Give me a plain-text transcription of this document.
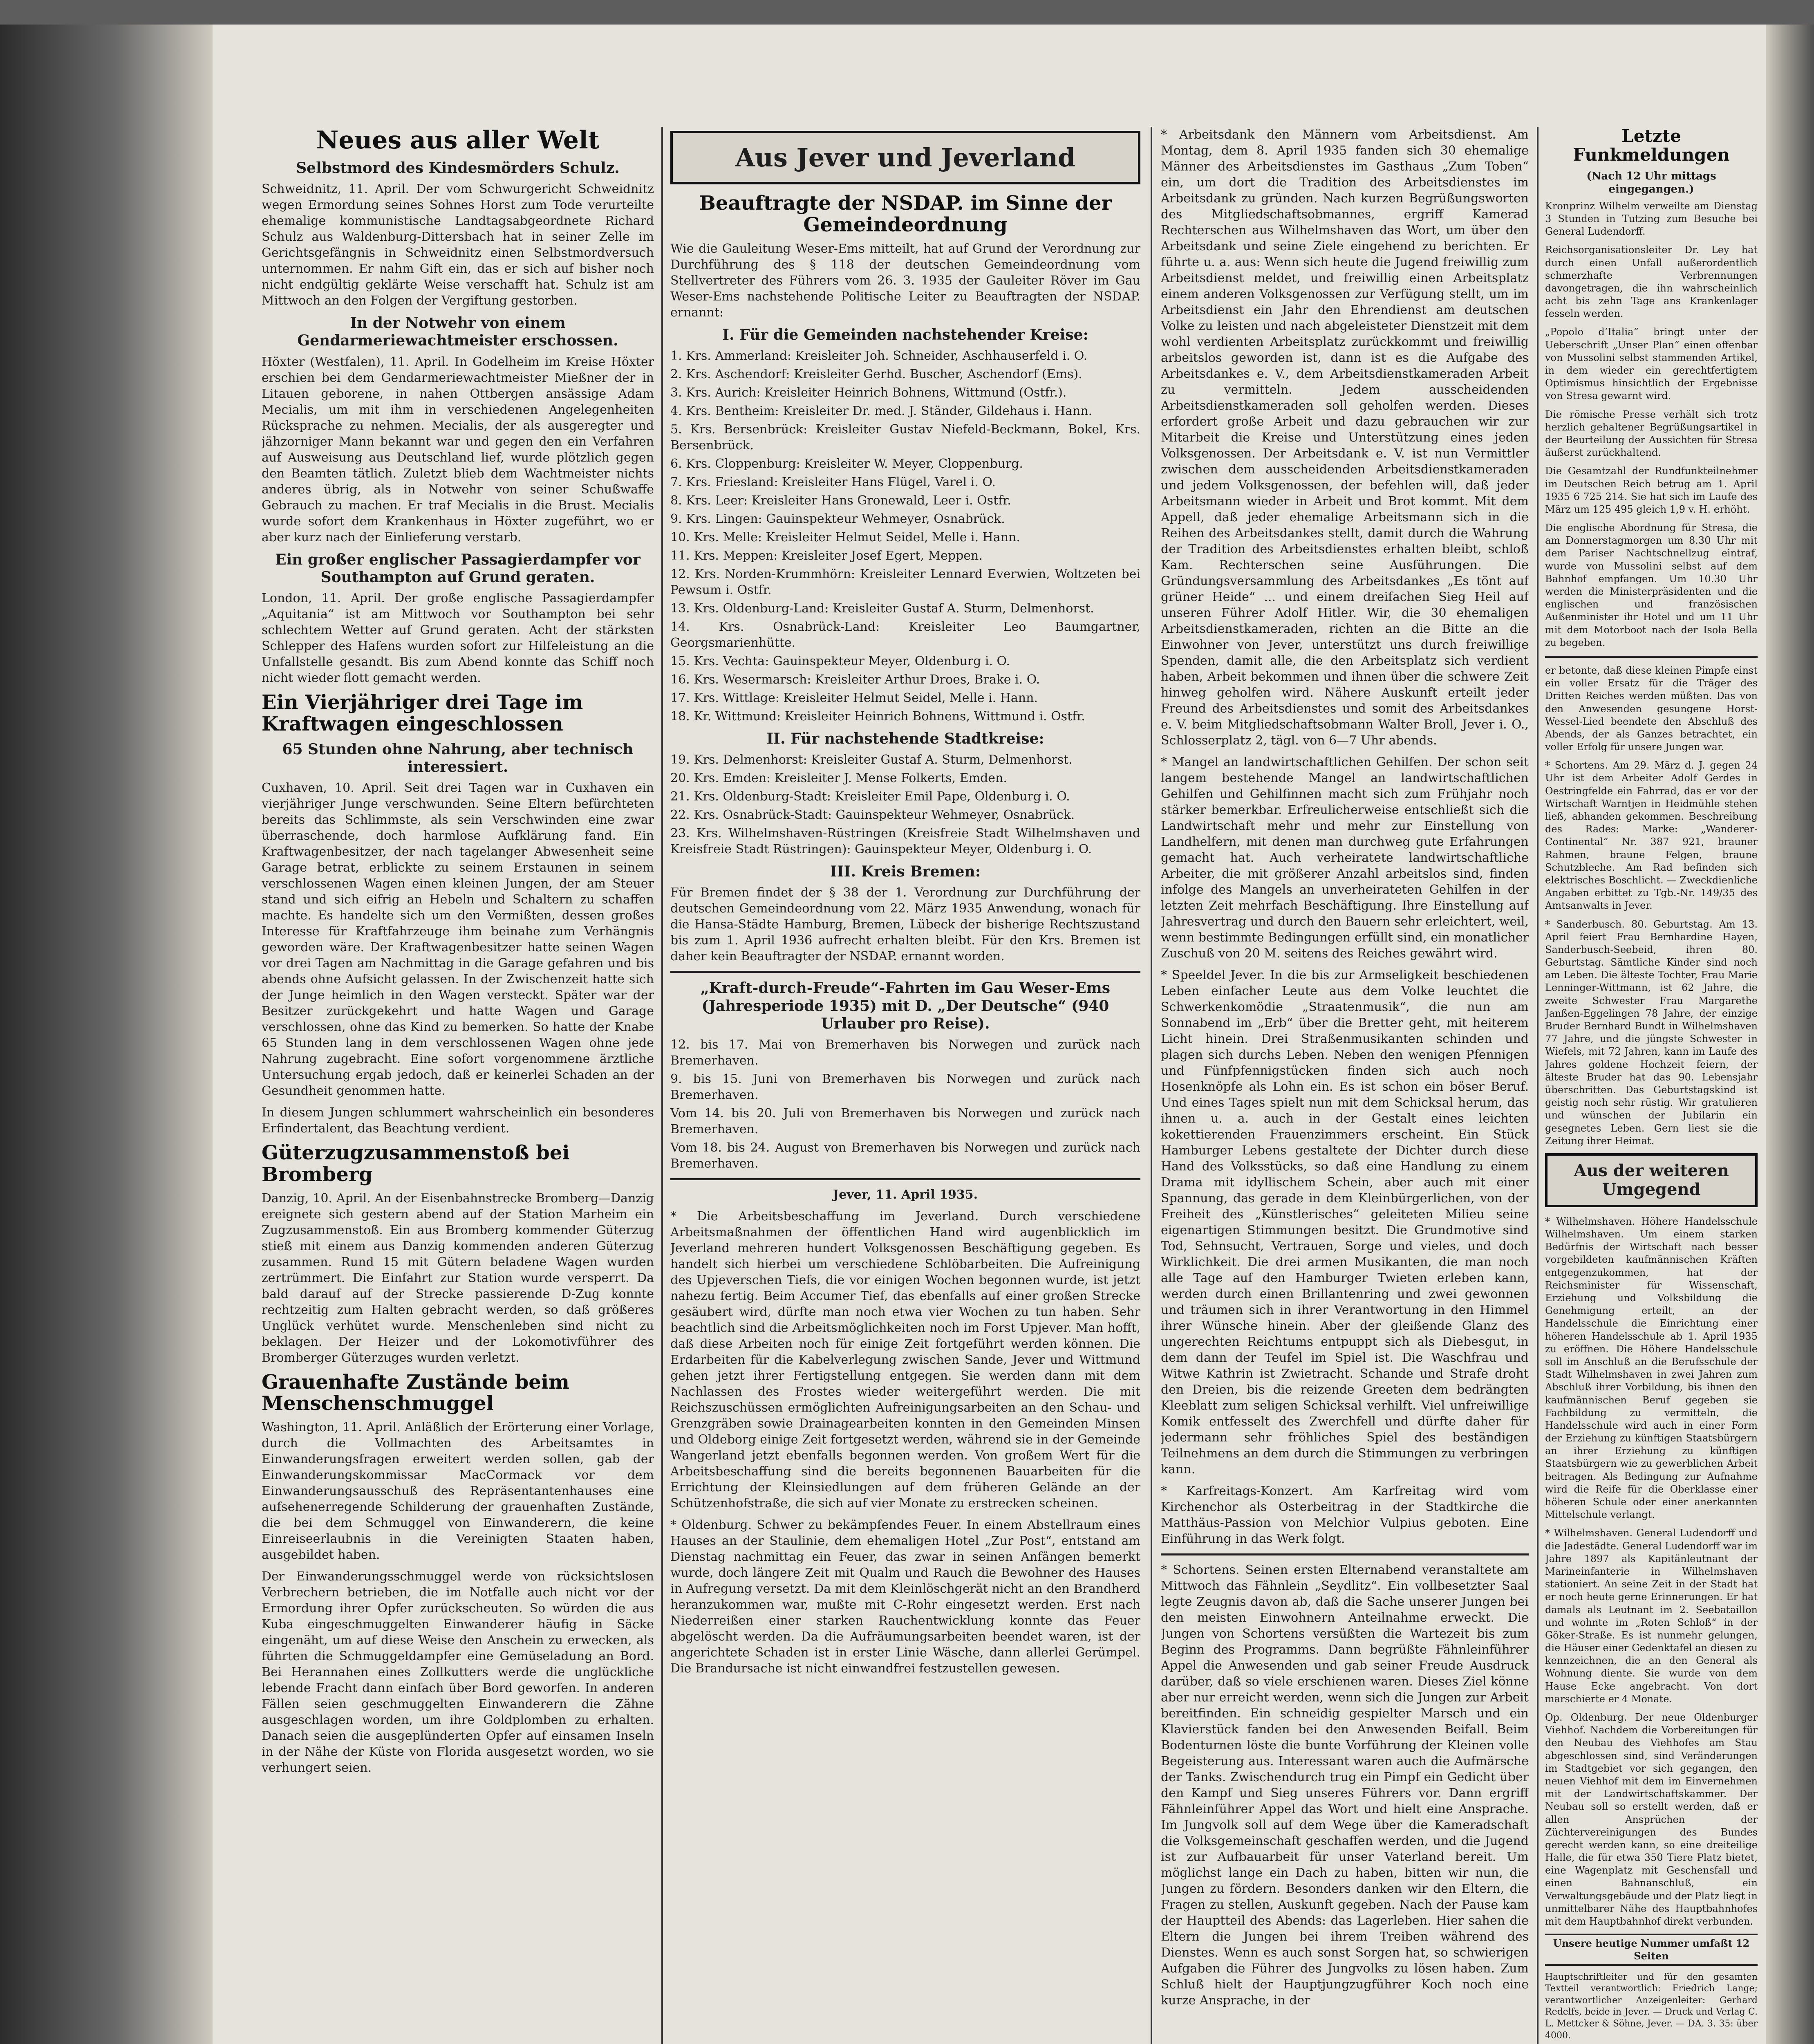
Neues aus aller Welt
Selbstmord des Kindesmörders Schulz.

Schweidnitz, 11. April. Der vom Schwurgericht Schweidnitz wegen Ermordung seines Sohnes Horst zum Tode verurteilte ehemalige kommunistische Landtagsabgeordnete Richard Schulz aus Waldenburg-Dittersbach hat in seiner Zelle im Gerichtsgefängnis in Schweidnitz einen Selbstmordversuch unternommen. Er nahm Gift ein, das er sich auf bisher noch nicht endgültig geklärte Weise verschafft hat. Schulz ist am Mittwoch an den Folgen der Vergiftung gestorben.

In der Notwehr von einem Gendarmeriewachtmeister erschossen.

Höxter (Westfalen), 11. April. In Godelheim im Kreise Höxter erschien bei dem Gendarmeriewachtmeister Mießner der in Litauen geborene, in nahen Ottbergen ansässige Adam Mecialis, um mit ihm in verschiedenen Angelegenheiten Rücksprache zu nehmen. Mecialis, der als ausgeregter und jähzorniger Mann bekannt war und gegen den ein Verfahren auf Ausweisung aus Deutschland lief, wurde plötzlich gegen den Beamten tätlich. Zuletzt blieb dem Wachtmeister nichts anderes übrig, als in Notwehr von seiner Schußwaffe Gebrauch zu machen. Er traf Mecialis in die Brust. Mecialis wurde sofort dem Krankenhaus in Höxter zugeführt, wo er aber kurz nach der Einlieferung verstarb.

Ein großer englischer Passagierdampfer vor Southampton auf Grund geraten.

London, 11. April. Der große englische Passagierdampfer „Aquitania“ ist am Mittwoch vor Southampton bei sehr schlechtem Wetter auf Grund geraten. Acht der stärksten Schlepper des Hafens wurden sofort zur Hilfeleistung an die Unfallstelle gesandt. Bis zum Abend konnte das Schiff noch nicht wieder flott gemacht werden.

Ein Vierjähriger drei Tage im Kraftwagen eingeschlossen
65 Stunden ohne Nahrung, aber technisch interessiert.

Cuxhaven, 10. April. Seit drei Tagen war in Cuxhaven ein vierjähriger Junge verschwunden. Seine Eltern befürchteten bereits das Schlimmste, als sein Verschwinden eine zwar überraschende, doch harmlose Aufklärung fand. Ein Kraftwagenbesitzer, der nach tagelanger Abwesenheit seine Garage betrat, erblickte zu seinem Erstaunen in seinem verschlossenen Wagen einen kleinen Jungen, der am Steuer stand und sich eifrig an Hebeln und Schaltern zu schaffen machte. Es handelte sich um den Vermißten, dessen großes Interesse für Kraftfahrzeuge ihm beinahe zum Verhängnis geworden wäre. Der Kraftwagenbesitzer hatte seinen Wagen vor drei Tagen am Nachmittag in die Garage gefahren und bis abends ohne Aufsicht gelassen. In der Zwischenzeit hatte sich der Junge heimlich in den Wagen versteckt. Später war der Besitzer zurückgekehrt und hatte Wagen und Garage verschlossen, ohne das Kind zu bemerken. So hatte der Knabe 65 Stunden lang in dem verschlossenen Wagen ohne jede Nahrung zugebracht. Eine sofort vorgenommene ärztliche Untersuchung ergab jedoch, daß er keinerlei Schaden an der Gesundheit genommen hatte.

In diesem Jungen schlummert wahrscheinlich ein besonderes Erfindertalent, das Beachtung verdient.

Güterzugzusammenstoß bei Bromberg

Danzig, 10. April. An der Eisenbahnstrecke Bromberg—Danzig ereignete sich gestern abend auf der Station Marheim ein Zugzusammenstoß. Ein aus Bromberg kommender Güterzug stieß mit einem aus Danzig kommenden anderen Güterzug zusammen. Rund 15 mit Gütern beladene Wagen wurden zertrümmert. Die Einfahrt zur Station wurde versperrt. Da bald darauf auf der Strecke passierende D-Zug konnte rechtzeitig zum Halten gebracht werden, so daß größeres Unglück verhütet wurde. Menschenleben sind nicht zu beklagen. Der Heizer und der Lokomotivführer des Bromberger Güterzuges wurden verletzt.

Grauenhafte Zustände beim Menschenschmuggel

Washington, 11. April. Anläßlich der Erörterung einer Vorlage, durch die Vollmachten des Arbeitsamtes in Einwanderungsfragen erweitert werden sollen, gab der Einwanderungskommissar MacCormack vor dem Einwanderungsausschuß des Repräsentantenhauses eine aufsehenerregende Schilderung der grauenhaften Zustände, die bei dem Schmuggel von Einwanderern, die keine Einreiseerlaubnis in die Vereinigten Staaten haben, ausgebildet haben.

Der Einwanderungsschmuggel werde von rücksichtslosen Verbrechern betrieben, die im Notfalle auch nicht vor der Ermordung ihrer Opfer zurückscheuten. So würden die aus Kuba eingeschmuggelten Einwanderer häufig in Säcke eingenäht, um auf diese Weise den Anschein zu erwecken, als führten die Schmuggeldampfer eine Gemüseladung an Bord. Bei Herannahen eines Zollkutters werde die unglückliche lebende Fracht dann einfach über Bord geworfen. In anderen Fällen seien geschmuggelten Einwanderern die Zähne ausgeschlagen worden, um ihre Goldplomben zu erhalten. Danach seien die ausgeplünderten Opfer auf einsamen Inseln in der Nähe der Küste von Florida ausgesetzt worden, wo sie verhungert seien.

Aus Jever und Jeverland
Beauftragte der NSDAP. im Sinne der Gemeindeordnung

Wie die Gauleitung Weser-Ems mitteilt, hat auf Grund der Verordnung zur Durchführung des § 118 der deutschen Gemeindeordnung vom Stellvertreter des Führers vom 26. 3. 1935 der Gauleiter Röver im Gau Weser-Ems nachstehende Politische Leiter zu Beauftragten der NSDAP. ernannt:

I. Für die Gemeinden nachstehender Kreise:

1. Krs. Ammerland: Kreisleiter Joh. Schneider, Aschhauserfeld i. O.

2. Krs. Aschendorf: Kreisleiter Gerhd. Buscher, Aschendorf (Ems).

3. Krs. Aurich: Kreisleiter Heinrich Bohnens, Wittmund (Ostfr.).

4. Krs. Bentheim: Kreisleiter Dr. med. J. Ständer, Gildehaus i. Hann.

5. Krs. Bersenbrück: Kreisleiter Gustav Niefeld-Beckmann, Bokel, Krs. Bersenbrück.

6. Krs. Cloppenburg: Kreisleiter W. Meyer, Cloppenburg.

7. Krs. Friesland: Kreisleiter Hans Flügel, Varel i. O.

8. Krs. Leer: Kreisleiter Hans Gronewald, Leer i. Ostfr.

9. Krs. Lingen: Gauinspekteur Wehmeyer, Osnabrück.

10. Krs. Melle: Kreisleiter Helmut Seidel, Melle i. Hann.

11. Krs. Meppen: Kreisleiter Josef Egert, Meppen.

12. Krs. Norden-Krummhörn: Kreisleiter Lennard Everwien, Woltzeten bei Pewsum i. Ostfr.

13. Krs. Oldenburg-Land: Kreisleiter Gustaf A. Sturm, Delmenhorst.

14. Krs. Osnabrück-Land: Kreisleiter Leo Baumgartner, Georgsmarienhütte.

15. Krs. Vechta: Gauinspekteur Meyer, Oldenburg i. O.

16. Krs. Wesermarsch: Kreisleiter Arthur Droes, Brake i. O.

17. Krs. Wittlage: Kreisleiter Helmut Seidel, Melle i. Hann.

18. Kr. Wittmund: Kreisleiter Heinrich Bohnens, Wittmund i. Ostfr.

II. Für nachstehende Stadtkreise:

19. Krs. Delmenhorst: Kreisleiter Gustaf A. Sturm, Delmenhorst.

20. Krs. Emden: Kreisleiter J. Mense Folkerts, Emden.

21. Krs. Oldenburg-Stadt: Kreisleiter Emil Pape, Oldenburg i. O.

22. Krs. Osnabrück-Stadt: Gauinspekteur Wehmeyer, Osnabrück.

23. Krs. Wilhelmshaven-Rüstringen (Kreisfreie Stadt Wilhelmshaven und Kreisfreie Stadt Rüstringen): Gauinspekteur Meyer, Oldenburg i. O.

III. Kreis Bremen:

Für Bremen findet der § 38 der 1. Verordnung zur Durchführung der deutschen Gemeindeordnung vom 22. März 1935 Anwendung, wonach für die Hansa-Städte Hamburg, Bremen, Lübeck der bisherige Rechtszustand bis zum 1. April 1936 aufrecht erhalten bleibt. Für den Krs. Bremen ist daher kein Beauftragter der NSDAP. ernannt worden.

„Kraft-durch-Freude“-Fahrten im Gau Weser-Ems (Jahresperiode 1935) mit D. „Der Deutsche“ (940 Urlauber pro Reise).

12. bis 17. Mai von Bremerhaven bis Norwegen und zurück nach Bremerhaven.

9. bis 15. Juni von Bremerhaven bis Norwegen und zurück nach Bremerhaven.

Vom 14. bis 20. Juli von Bremerhaven bis Norwegen und zurück nach Bremerhaven.

Vom 18. bis 24. August von Bremerhaven bis Norwegen und zurück nach Bremerhaven.

Jever, 11. April 1935.

* Die Arbeitsbeschaffung im Jeverland. Durch verschiedene Arbeitsmaßnahmen der öffentlichen Hand wird augenblicklich im Jeverland mehreren hundert Volksgenossen Beschäftigung gegeben. Es handelt sich hierbei um verschiedene Schlöbarbeiten. Die Aufreinigung des Upjeverschen Tiefs, die vor einigen Wochen begonnen wurde, ist jetzt nahezu fertig. Beim Accumer Tief, das ebenfalls auf einer großen Strecke gesäubert wird, dürfte man noch etwa vier Wochen zu tun haben. Sehr beachtlich sind die Arbeitsmöglichkeiten noch im Forst Upjever. Man hofft, daß diese Arbeiten noch für einige Zeit fortgeführt werden können. Die Erdarbeiten für die Kabelverlegung zwischen Sande, Jever und Wittmund gehen jetzt ihrer Fertigstellung entgegen. Sie werden dann mit dem Nachlassen des Frostes wieder weitergeführt werden. Die mit Reichszuschüssen ermöglichten Aufreinigungsarbeiten an den Schau- und Grenzgräben sowie Drainagearbeiten konnten in den Gemeinden Minsen und Oldeborg einige Zeit fortgesetzt werden, während sie in der Gemeinde Wangerland jetzt ebenfalls begonnen werden. Von großem Wert für die Arbeitsbeschaffung sind die bereits begonnenen Bauarbeiten für die Errichtung der Kleinsiedlungen auf dem früheren Gelände an der Schützenhofstraße, die sich auf vier Monate zu erstrecken scheinen.

* Oldenburg. Schwer zu bekämpfendes Feuer. In einem Abstellraum eines Hauses an der Staulinie, dem ehemaligen Hotel „Zur Post“, entstand am Dienstag nachmittag ein Feuer, das zwar in seinen Anfängen bemerkt wurde, doch längere Zeit mit Qualm und Rauch die Bewohner des Hauses in Aufregung versetzt. Da mit dem Kleinlöschgerät nicht an den Brandherd heranzukommen war, mußte mit C-Rohr eingesetzt werden. Erst nach Niederreißen einer starken Rauchentwicklung konnte das Feuer abgelöscht werden. Da die Aufräumungsarbeiten beendet waren, ist der angerichtete Schaden ist in erster Linie Wäsche, dann allerlei Gerümpel. Die Brandursache ist nicht einwandfrei festzustellen gewesen.

* Arbeitsdank den Männern vom Arbeitsdienst. Am Montag, dem 8. April 1935 fanden sich 30 ehemalige Männer des Arbeitsdienstes im Gasthaus „Zum Toben“ ein, um dort die Tradition des Arbeitsdienstes im Arbeitsdank zu gründen. Nach kurzen Begrüßungsworten des Mitgliedschaftsobmannes, ergriff Kamerad Rechterschen aus Wilhelmshaven das Wort, um über den Arbeitsdank und seine Ziele eingehend zu berichten. Er führte u. a. aus: Wenn sich heute die Jugend freiwillig zum Arbeitsdienst meldet, und freiwillig einen Arbeitsplatz einem anderen Volksgenossen zur Verfügung stellt, um im Arbeitsdienst ein Jahr den Ehrendienst am deutschen Volke zu leisten und nach abgeleisteter Dienstzeit mit dem wohl verdienten Arbeitsplatz zurückkommt und freiwillig arbeitslos geworden ist, dann ist es die Aufgabe des Arbeitsdankes e. V., dem Arbeitsdienstkameraden Arbeit zu vermitteln. Jedem ausscheidenden Arbeitsdienstkameraden soll geholfen werden. Dieses erfordert große Arbeit und dazu gebrauchen wir zur Mitarbeit die Kreise und Unterstützung eines jeden Volksgenossen. Der Arbeitsdank e. V. ist nun Vermittler zwischen dem ausscheidenden Arbeitsdienstkameraden und jedem Volksgenossen, der befehlen will, daß jeder Arbeitsmann wieder in Arbeit und Brot kommt. Mit dem Appell, daß jeder ehemalige Arbeitsmann sich in die Reihen des Arbeitsdankes stellt, damit durch die Wahrung der Tradition des Arbeitsdienstes erhalten bleibt, schloß Kam. Rechterschen seine Ausführungen. Die Gründungsversammlung des Arbeitsdankes „Es tönt auf grüner Heide“ ... und einem dreifachen Sieg Heil auf unseren Führer Adolf Hitler. Wir, die 30 ehemaligen Arbeitsdienstkameraden, richten an die Bitte an die Einwohner von Jever, unterstützt uns durch freiwillige Spenden, damit alle, die den Arbeitsplatz sich verdient haben, Arbeit bekommen und ihnen über die schwere Zeit hinweg geholfen wird. Nähere Auskunft erteilt jeder Freund des Arbeitsdienstes und somit des Arbeitsdankes e. V. beim Mitgliedschaftsobmann Walter Broll, Jever i. O., Schlosserplatz 2, tägl. von 6—7 Uhr abends.

* Mangel an landwirtschaftlichen Gehilfen. Der schon seit langem bestehende Mangel an landwirtschaftlichen Gehilfen und Gehilfinnen macht sich zum Frühjahr noch stärker bemerkbar. Erfreulicherweise entschließt sich die Landwirtschaft mehr und mehr zur Einstellung von Landhelfern, mit denen man durchweg gute Erfahrungen gemacht hat. Auch verheiratete landwirtschaftliche Arbeiter, die mit größerer Anzahl arbeitslos sind, finden infolge des Mangels an unverheirateten Gehilfen in der letzten Zeit mehrfach Beschäftigung. Ihre Einstellung auf Jahresvertrag und durch den Bauern sehr erleichtert, weil, wenn bestimmte Bedingungen erfüllt sind, ein monatlicher Zuschuß von 20 M. seitens des Reiches gewährt wird.

* Speeldel Jever. In die bis zur Armseligkeit beschiedenen Leben einfacher Leute aus dem Volke leuchtet die Schwerkenkomödie „Straatenmusik“, die nun am Sonnabend im „Erb“ über die Bretter geht, mit heiterem Licht hinein. Drei Straßenmusikanten schinden und plagen sich durchs Leben. Neben den wenigen Pfennigen und Fünfpfennigstücken finden sich auch noch Hosenknöpfe als Lohn ein. Es ist schon ein böser Beruf. Und eines Tages spielt nun mit dem Schicksal herum, das ihnen u. a. auch in der Gestalt eines leichten kokettierenden Frauenzimmers erscheint. Ein Stück Hamburger Lebens gestaltete der Dichter durch diese Hand des Volksstücks, so daß eine Handlung zu einem Drama mit idyllischem Schein, aber auch mit einer Spannung, das gerade in dem Kleinbürgerlichen, von der Freiheit des „Künstlerisches“ geleiteten Milieu seine eigenartigen Stimmungen besitzt. Die Grundmotive sind Tod, Sehnsucht, Vertrauen, Sorge und vieles, und doch Wirklichkeit. Die drei armen Musikanten, die man noch alle Tage auf den Hamburger Twieten erleben kann, werden durch einen Brillantenring und zwei gewonnen und träumen sich in ihrer Verantwortung in den Himmel ihrer Wünsche hinein. Aber der gleißende Glanz des ungerechten Reichtums entpuppt sich als Diebesgut, in dem dann der Teufel im Spiel ist. Die Waschfrau und Witwe Kathrin ist Zwietracht. Schande und Strafe droht den Dreien, bis die reizende Greeten dem bedrängten Kleeblatt zum seligen Schicksal verhilft. Viel unfreiwillige Komik entfesselt des Zwerchfell und dürfte daher für jedermann sehr fröhliches Spiel des beständigen Teilnehmens an dem durch die Stimmungen zu verbringen kann.

* Karfreitags-Konzert. Am Karfreitag wird vom Kirchenchor als Osterbeitrag in der Stadtkirche die Matthäus-Passion von Melchior Vulpius geboten. Eine Einführung in das Werk folgt.

* Schortens. Seinen ersten Elternabend veranstaltete am Mittwoch das Fähnlein „Seydlitz“. Ein vollbesetzter Saal legte Zeugnis davon ab, daß die Sache unserer Jungen bei den meisten Einwohnern Anteilnahme erweckt. Die Jungen von Schortens versüßten die Wartezeit bis zum Beginn des Programms. Dann begrüßte Fähnleinführer Appel die Anwesenden und gab seiner Freude Ausdruck darüber, daß so viele erschienen waren. Dieses Ziel könne aber nur erreicht werden, wenn sich die Jungen zur Arbeit bereitfinden. Ein schneidig gespielter Marsch und ein Klavierstück fanden bei den Anwesenden Beifall. Beim Bodenturnen löste die bunte Vorführung der Kleinen volle Begeisterung aus. Interessant waren auch die Aufmärsche der Tanks. Zwischendurch trug ein Pimpf ein Gedicht über den Kampf und Sieg unseres Führers vor. Dann ergriff Fähnleinführer Appel das Wort und hielt eine Ansprache. Im Jungvolk soll auf dem Wege über die Kameradschaft die Volksgemeinschaft geschaffen werden, und die Jugend ist zur Aufbauarbeit für unser Vaterland bereit. Um möglichst lange ein Dach zu haben, bitten wir nun, die Jungen zu fördern. Besonders danken wir den Eltern, die Fragen zu stellen, Auskunft gegeben. Nach der Pause kam der Hauptteil des Abends: das Lagerleben. Hier sahen die Eltern die Jungen bei ihrem Treiben während des Dienstes. Wenn es auch sonst Sorgen hat, so schwierigen Aufgaben die Führer des Jungvolks zu lösen haben. Zum Schluß hielt der Hauptjungzugführer Koch noch eine kurze Ansprache, in der

Letzte Funkmeldungen
(Nach 12 Uhr mittags eingegangen.)

Kronprinz Wilhelm verweilte am Dienstag 3 Stunden in Tutzing zum Besuche bei General Ludendorff.

Reichsorganisationsleiter Dr. Ley hat durch einen Unfall außerordentlich schmerzhafte Verbrennungen davongetragen, die ihn wahrscheinlich acht bis zehn Tage ans Krankenlager fesseln werden.

„Popolo d’Italia“ bringt unter der Ueberschrift „Unser Plan“ einen offenbar von Mussolini selbst stammenden Artikel, in dem wieder ein gerechtfertigtem Optimismus hinsichtlich der Ergebnisse von Stresa gewarnt wird.

Die römische Presse verhält sich trotz herzlich gehaltener Begrüßungsartikel in der Beurteilung der Aussichten für Stresa äußerst zurückhaltend.

Die Gesamtzahl der Rundfunkteilnehmer im Deutschen Reich betrug am 1. April 1935 6 725 214. Sie hat sich im Laufe des März um 125 495 gleich 1,9 v. H. erhöht.

Die englische Abordnung für Stresa, die am Donnerstagmorgen um 8.30 Uhr mit dem Pariser Nachtschnellzug eintraf, wurde von Mussolini selbst auf dem Bahnhof empfangen. Um 10.30 Uhr werden die Ministerpräsidenten und die englischen und französischen Außenminister ihr Hotel und um 11 Uhr mit dem Motorboot nach der Isola Bella zu begeben.

er betonte, daß diese kleinen Pimpfe einst ein voller Ersatz für die Träger des Dritten Reiches werden müßten. Das von den Anwesenden gesungene Horst-Wessel-Lied beendete den Abschluß des Abends, der als Ganzes betrachtet, ein voller Erfolg für unsere Jungen war.

* Schortens. Am 29. März d. J. gegen 24 Uhr ist dem Arbeiter Adolf Gerdes in Oestringfelde ein Fahrrad, das er vor der Wirtschaft Warntjen in Heidmühle stehen ließ, abhanden gekommen. Beschreibung des Rades: Marke: „Wanderer-Continental“ Nr. 387 921, brauner Rahmen, braune Felgen, braune Schutzbleche. Am Rad befinden sich elektrisches Boschlicht. — Zweckdienliche Angaben erbittet zu Tgb.-Nr. 149/35 des Amtsanwalts in Jever.

* Sanderbusch. 80. Geburtstag. Am 13. April feiert Frau Bernhardine Hayen, Sanderbusch-Seebeid, ihren 80. Geburtstag. Sämtliche Kinder sind noch am Leben. Die älteste Tochter, Frau Marie Lenninger-Wittmann, ist 62 Jahre, die zweite Schwester Frau Margarethe Janßen-Eggelingen 78 Jahre, der einzige Bruder Bernhard Bundt in Wilhelmshaven 77 Jahre, und die jüngste Schwester in Wiefels, mit 72 Jahren, kann im Laufe des Jahres goldene Hochzeit feiern, der älteste Bruder hat das 90. Lebensjahr überschritten. Das Geburtstagskind ist geistig noch sehr rüstig. Wir gratulieren und wünschen der Jubilarin ein gesegnetes Leben. Gern liest sie die Zeitung ihrer Heimat.

Aus der weiteren Umgegend

* Wilhelmshaven. Höhere Handelsschule Wilhelmshaven. Um einem starken Bedürfnis der Wirtschaft nach besser vorgebildeten kaufmännischen Kräften entgegenzukommen, hat der Reichsminister für Wissenschaft, Erziehung und Volksbildung die Genehmigung erteilt, an der Handelsschule die Einrichtung einer höheren Handelsschule ab 1. April 1935 zu eröffnen. Die Höhere Handelsschule soll im Anschluß an die Berufsschule der Stadt Wilhelmshaven in zwei Jahren zum Abschluß ihrer Vorbildung, bis ihnen den kaufmännischen Beruf gegeben sie Fachbildung zu vermitteln, die Handelsschule wird auch in einer Form der Erziehung zu künftigen Staatsbürgern an ihrer Erziehung zu künftigen Staatsbürgern wie zu gewerblichen Arbeit beitragen. Als Bedingung zur Aufnahme wird die Reife für die Oberklasse einer höheren Schule oder einer anerkannten Mittelschule verlangt.

* Wilhelmshaven. General Ludendorff und die Jadestädte. General Ludendorff war im Jahre 1897 als Kapitänleutnant der Marineinfanterie in Wilhelmshaven stationiert. An seine Zeit in der Stadt hat er noch heute gerne Erinnerungen. Er hat damals als Leutnant im 2. Seebataillon und wohnte im „Roten Schloß“ in der Göker-Straße. Es ist nunmehr gelungen, die Häuser einer Gedenktafel an diesen zu kennzeichnen, die an den General als Wohnung diente. Sie wurde von dem Hause Ecke angebracht. Von dort marschierte er 4 Monate.

Op. Oldenburg. Der neue Oldenburger Viehhof. Nachdem die Vorbereitungen für den Neubau des Viehhofes am Stau abgeschlossen sind, sind Veränderungen im Stadtgebiet vor sich gegangen, den neuen Viehhof mit dem im Einvernehmen mit der Landwirtschaftskammer. Der Neubau soll so erstellt werden, daß er allen Ansprüchen der Züchtervereinigungen des Bundes gerecht werden kann, so eine dreiteilige Halle, die für etwa 350 Tiere Platz bietet, eine Wagenplatz mit Geschensfall und einen Bahnanschluß, ein Verwaltungsgebäude und der Platz liegt in unmittelbarer Nähe des Hauptbahnhofes mit dem Hauptbahnhof direkt verbunden.

Unsere heutige Nummer umfaßt 12 Seiten

Hauptschriftleiter und für den gesamten Textteil verantwortlich: Friedrich Lange; verantwortlicher Anzeigenleiter: Gerhard Redelfs, beide in Jever. — Druck und Verlag C. L. Mettcker & Söhne, Jever. — DA. 3. 35: über 4000.
